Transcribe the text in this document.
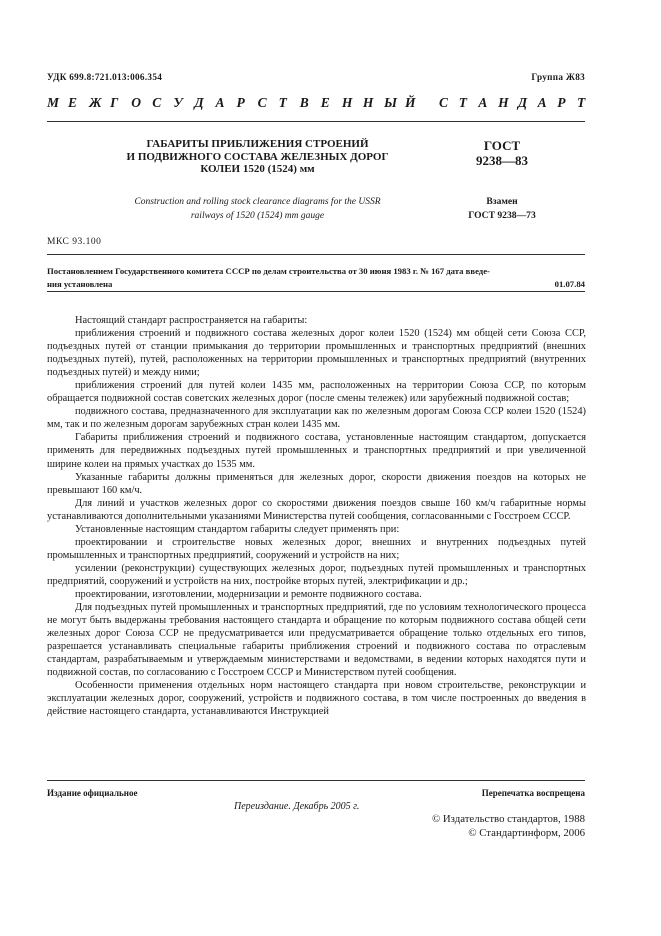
УДК 699.8:721.013:006.354	Группа Ж83
М Е Ж Г О С У Д А Р С Т В Е Н Н Ы Й С Т А Н Д А Р Т
ГАБАРИТЫ ПРИБЛИЖЕНИЯ СТРОЕНИЙ
И ПОДВИЖНОГО СОСТАВА ЖЕЛЕЗНЫХ ДОРОГ
КОЛЕИ 1520 (1524) мм
ГОСТ
9238—83
Construction and rolling stock clearance diagrams for the USSR
railways of 1520 (1524) mm gauge
Взамен
ГОСТ 9238—73
МКС 93.100
Постановлением Государственного комитета СССР по делам строительства от 30 июня 1983 г. № 167 дата введе-
ния установлена	01.07.84

Настоящий стандарт распространяется на габариты:

приближения строений и подвижного состава железных дорог колеи 1520 (1524) мм общей сети Союза ССР, подъездных путей от станции примыкания до территории промышленных и транспортных предприятий (внешних подъездных путей), путей, расположенных на территории промышленных и транспортных предприятий (внутренних подъездных путей) и между ними;

приближения строений для путей колеи 1435 мм, расположенных на территории Союза ССР, по которым обращается подвижной состав советских железных дорог (после смены тележек) или зарубежный подвижной состав;

подвижного состава, предназначенного для эксплуатации как по железным дорогам Союза ССР колеи 1520 (1524) мм, так и по железным дорогам зарубежных стран колеи 1435 мм.

Габариты приближения строений и подвижного состава, установленные настоящим стандартом, допускается применять для передвижных подъездных путей промышленных и транспортных предприятий и при увеличенной ширине колеи на прямых участках до 1535 мм.

Указанные габариты должны применяться для железных дорог, скорости движения поездов на которых не превышают 160 км/ч.

Для линий и участков железных дорог со скоростями движения поездов свыше 160 км/ч габаритные нормы устанавливаются дополнительными указаниями Министерства путей сообщения, согласованными с Госстроем СССР.

Установленные настоящим стандартом габариты следует применять при:

проектировании и строительстве новых железных дорог, внешних и внутренних подъездных путей промышленных и транспортных предприятий, сооружений и устройств на них;

усилении (реконструкции) существующих железных дорог, подъездных путей промышленных и транспортных предприятий, сооружений и устройств на них, постройке вторых путей, электрификации и др.;

проектировании, изготовлении, модернизации и ремонте подвижного состава.

Для подъездных путей промышленных и транспортных предприятий, где по условиям технологического процесса не могут быть выдержаны требования настоящего стандарта и обращение по которым подвижного состава общей сети железных дорог Союза ССР не предусматривается или предусматривается обращение только отдельных его типов, разрешается устанавливать специальные габариты приближения строений и подвижного состава по отраслевым стандартам, разрабатываемым и утверждаемым министерствами и ведомствами, в ведении которых находятся пути и подвижной состав, по согласованию с Госстроем СССР и Министерством путей сообщения.

Особенности применения отдельных норм настоящего стандарта при новом строительстве, реконструкции и эксплуатации железных дорог, сооружений, устройств и подвижного состава, в том числе построенных до введения в действие настоящего стандарта, устанавливаются Инструкцией

Издание официальное	Перепечатка воспрещена
Переиздание. Декабрь 2005 г.
© Издательство стандартов, 1988
© Стандартинформ, 2006
